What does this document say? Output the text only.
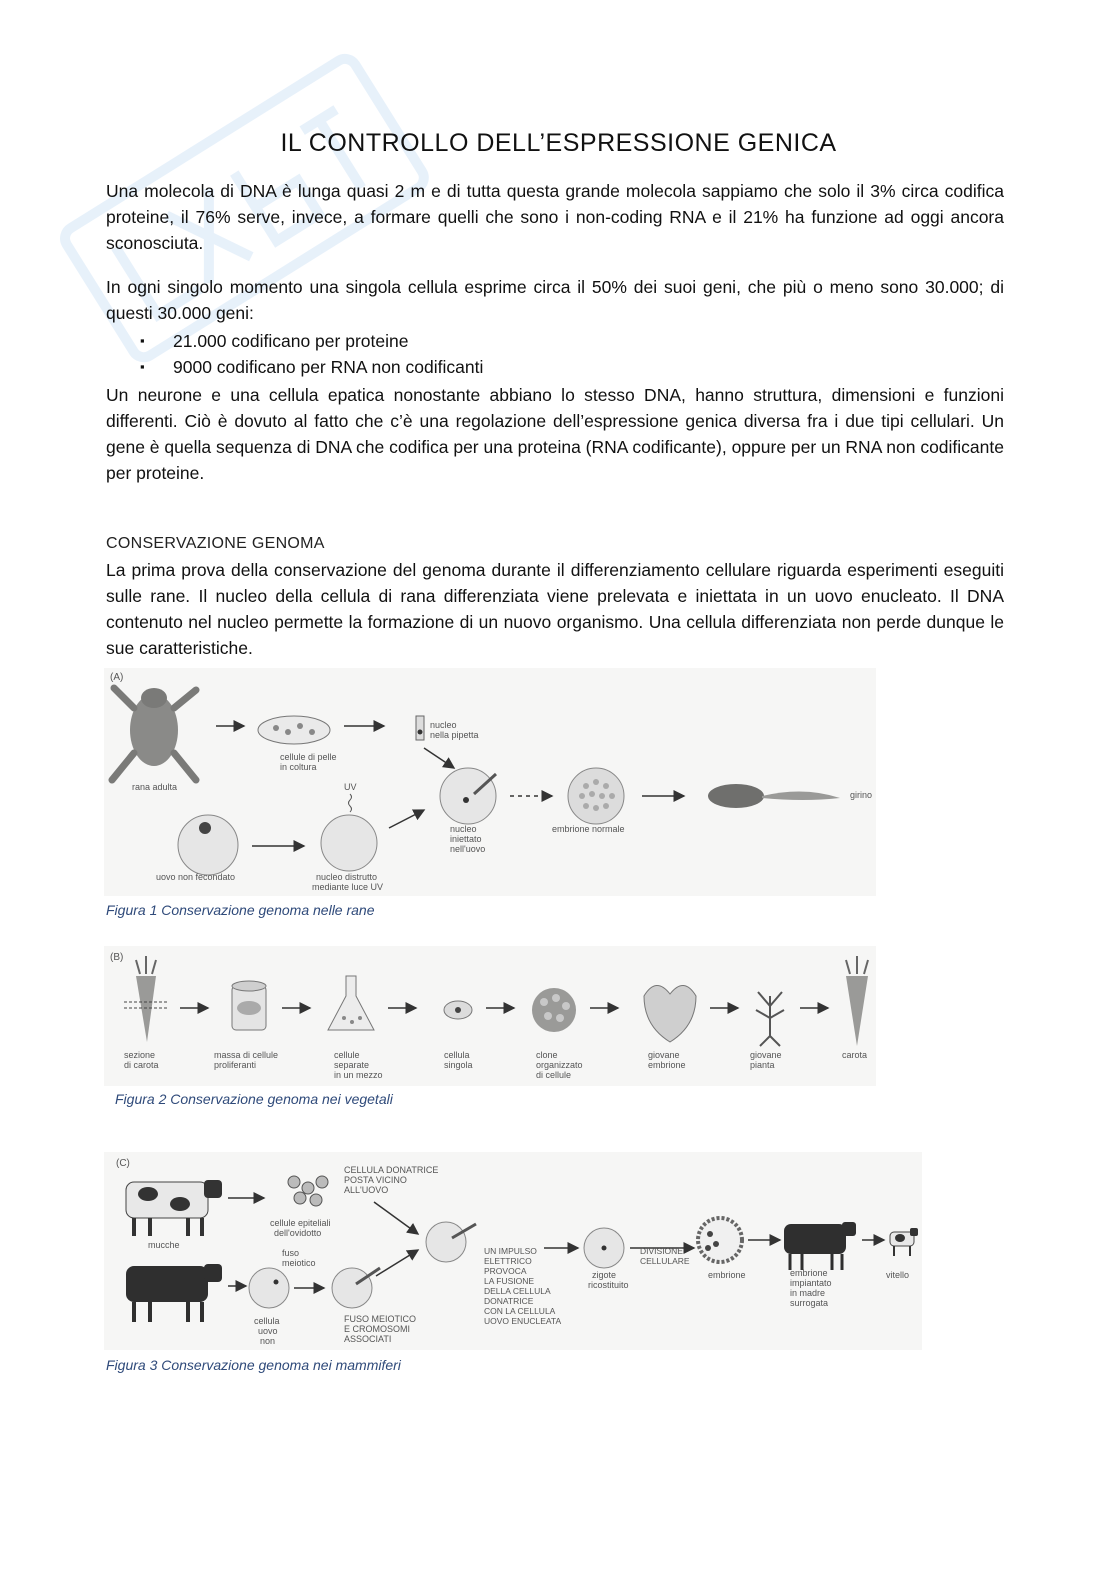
IL CONTROLLO DELL’ESPRESSIONE GENICA

Una molecola di DNA è lunga quasi 2 m e di tutta questa grande molecola sappiamo che solo il 3% circa codifica proteine, il 76% serve, invece, a formare quelli che sono i non-coding RNA e il 21% ha funzione ad oggi ancora sconosciuta.

In ogni singolo momento una singola cellula esprime circa il 50% dei suoi geni, che più o meno sono 30.000; di questi 30.000 geni:

▪ 21.000 codificano per proteine
▪ 9000 codificano per RNA non codificanti

Un neurone e una cellula epatica nonostante abbiano lo stesso DNA, hanno struttura, dimensioni e funzioni differenti. Ciò è dovuto al fatto che c’è una regolazione dell’espressione genica diversa fra i due tipi cellulari. Un gene è quella sequenza di DNA che codifica per una proteina (RNA codificante), oppure per un RNA non codificante per proteine.

CONSERVAZIONE GENOMA

La prima prova della conservazione del genoma durante il differenziamento cellulare riguarda esperimenti eseguiti sulle rane. Il nucleo della cellula di rana differenziata viene prelevata e iniettata in un uovo enucleato. Il DNA contenuto nel nucleo permette la formazione di un nuovo organismo. Una cellula differenziata non perde dunque le sue caratteristiche.

(A)
rana adulta
cellule di pelle
in coltura
nucleo
nella pipetta
UV
uovo non fecondato	nucleo distrutto
mediante luce UV
nucleo
iniettato
nell'uovo
embrione normale
girino
Figura 1 Conservazione genoma nelle rane
(B)
sezione
di carota
massa di cellule
proliferanti
cellule
separate
in un mezzo
cellula
singola
clone
organizzato
di cellule
giovane
embrione
giovane
pianta
carota
Figura 2 Conservazione genoma nei vegetali
(C)
mucche
cellule epiteliali
dell'ovidotto
CELLULA DONATRICE
POSTA VICINO
ALL'UOVO
fuso
meiotico
cellula
uovo
non
FUSO MEIOTICO
E CROMOSOMI
ASSOCIATI
UN IMPULSO
ELETTRICO
PROVOCA
LA FUSIONE
DELLA CELLULA
DONATRICE
CON LA CELLULA
UOVO ENUCLEATA
zigote
ricostituito
DIVISIONE
CELLULARE
embrione	embrione
impiantato
in madre
surrogata
vitello
Figura 3 Conservazione genoma nei mammiferi
